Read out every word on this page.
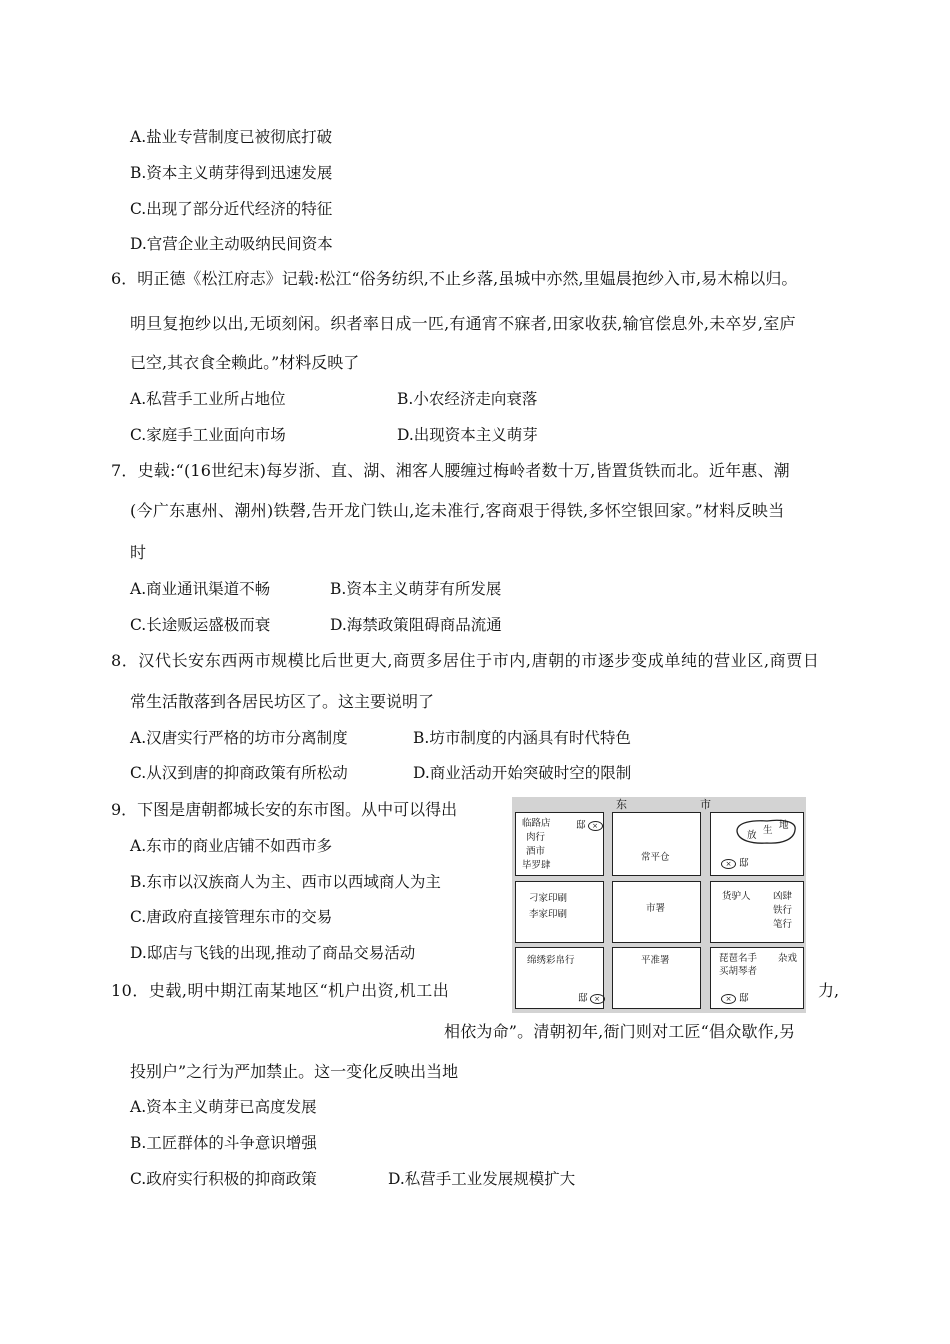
A.盐业专营制度已被彻底打破
B.资本主义萌芽得到迅速发展
C.出现了部分近代经济的特征
D.官营企业主动吸纳民间资本
6．明正德《松江府志》记载:松江“俗务纺织,不止乡落,虽城中亦然,里媪晨抱纱入市,易木棉以归。
明旦复抱纱以出,无顷刻闲。织者率日成一匹,有通宵不寐者,田家收获,输官偿息外,未卒岁,室庐
已空,其衣食全赖此。”材料反映了
A.私营手工业所占地位	B.小农经济走向衰落
C.家庭手工业面向市场	D.出现资本主义萌芽
7．史载:“(16世纪末)每岁浙、直、湖、湘客人腰缠过梅岭者数十万,皆置货铁而北。近年惠、潮
(今广东惠州、潮州)铁磬,告开龙门铁山,迄未准行,客商艰于得铁,多怀空银回家。”材料反映当
时
A.商业通讯渠道不畅	B.资本主义萌芽有所发展
C.长途贩运盛极而衰	D.海禁政策阻碍商品流通
8．汉代长安东西两市规模比后世更大,商贾多居住于市内,唐朝的市逐步变成单纯的营业区,商贾日
常生活散落到各居民坊区了。这主要说明了
A.汉唐实行严格的坊市分离制度	B.坊市制度的内涵具有时代特色
C.从汉到唐的抑商政策有所松动	D.商业活动开始突破时空的限制
9．下图是唐朝都城长安的东市图。从中可以得出
A.东市的商业店铺不如西市多
B.东市以汉族商人为主、西市以西域商人为主
C.唐政府直接管理东市的交易
D.邸店与飞钱的出现,推动了商品交易活动
东	市
临路店
肉行
酒市
毕罗肆
邸 ×
常平仓
放 生 地
× 邸
刁家印刷
李家印刷
市署
货驴人 凶肆
铁行
笔行
绵绣彩帛行
邸 ×
平准署	琵琶名手
买胡琴者
杂戏
× 邸
10．史载,明中期江南某地区“机户出资,机工出	力,
相依为命”。清朝初年,衙门则对工匠“倡众歇作,另
投别户”之行为严加禁止。这一变化反映出当地
A.资本主义萌芽已高度发展
B.工匠群体的斗争意识增强
C.政府实行积极的抑商政策	D.私营手工业发展规模扩大
